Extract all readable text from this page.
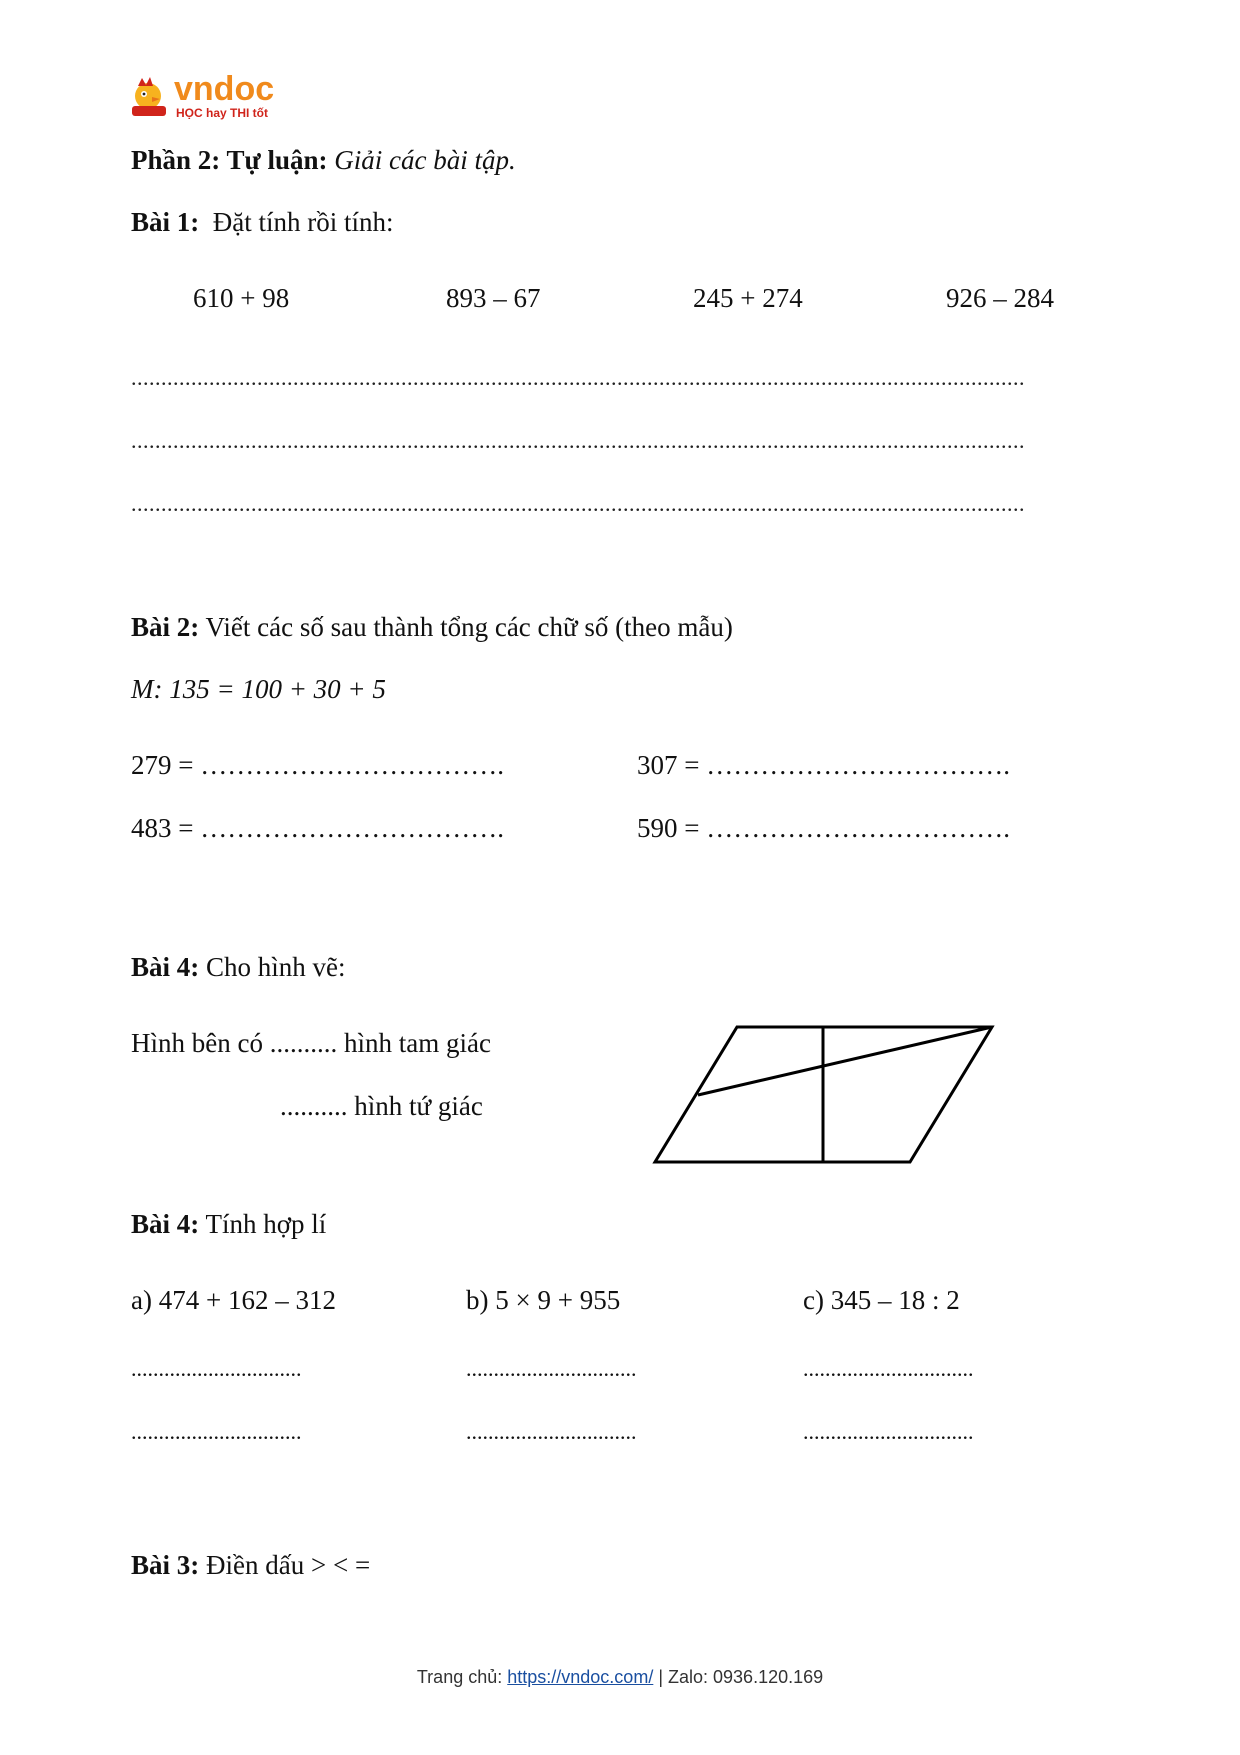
vndoc
HỌC hay THI tốt
Phần 2: Tự luận: Giải các bài tập.
Bài 1: Đặt tính rồi tính:
610 + 98	893 – 67	245 + 274	926 – 284
.....................................................................................................................................................
.....................................................................................................................................................
.....................................................................................................................................................
Bài 2: Viết các số sau thành tổng các chữ số (theo mẫu)
M: 135 = 100 + 30 + 5
279 = …………………………….	307 = …………………………….
483 = …………………………….	590 = …………………………….
Bài 4: Cho hình vẽ:
Hình bên có .......... hình tam giác
.......... hình tứ giác
Bài 4: Tính hợp lí
a) 474 + 162 – 312	b) 5 × 9 + 955	c) 345 – 18 : 2
...............................	...............................	...............................
...............................	...............................	...............................
Bài 3: Điền dấu > < =
Trang chủ: https://vndoc.com/ | Zalo: 0936.120.169
